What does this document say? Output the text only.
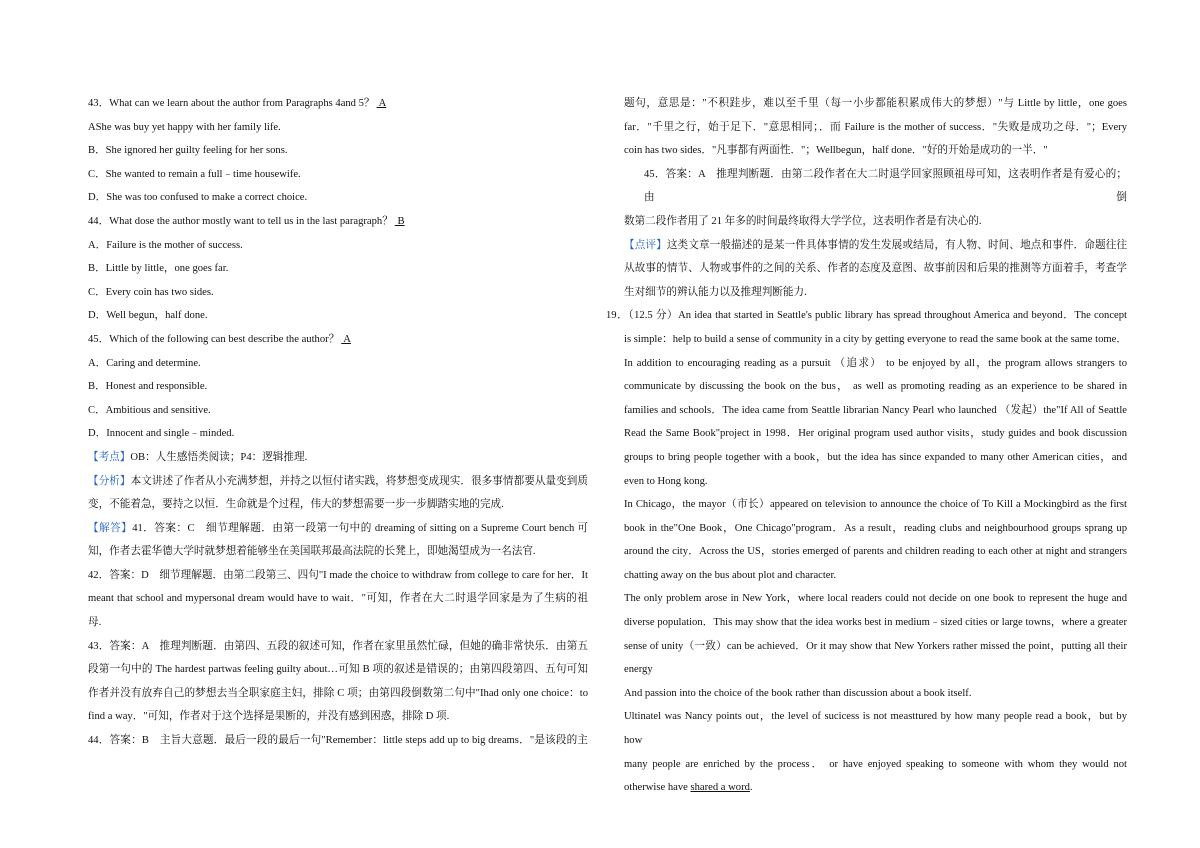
43．What can we learn about the author from Paragraphs 4and 5？ A

AShe was buy yet happy with her family life.

B．She ignored her guilty feeling for her sons.

C．She wanted to remain a full﹣time housewife.

D．She was too confused to make a correct choice.

44．What dose the author mostly want to tell us in the last paragraph？ B

A．Failure is the mother of success.

B．Little by little，one goes far.

C．Every coin has two sides.

D．Well begun，half done.

45．Which of the following can best describe the author？ A

A．Caring and determine.

B．Honest and responsible.

C．Ambitious and sensitive.

D．Innocent and single﹣minded.

【考点】OB：人生感悟类阅读；P4：逻辑推理.

【分析】本文讲述了作者从小充满梦想，并持之以恒付诸实践，将梦想变成现实．很多事情都要从量变到质

变，不能着急，要持之以恒．生命就是个过程，伟大的梦想需要一步一步脚踏实地的完成.

【解答】41．答案：C　细节理解题．由第一段第一句中的 dreaming of sitting on a Supreme Court bench 可

知，作者去霍华德大学时就梦想着能够坐在美国联邦最高法院的长凳上，即她渴望成为一名法官.

42．答案：D　细节理解题．由第二段第三、四句"I made the choice to withdraw from college to care for her．It

meant that school and mypersonal dream would have to wait．"可知，作者在大二时退学回家是为了生病的祖

母.

43．答案：A　推理判断题．由第四、五段的叙述可知，作者在家里虽然忙碌，但她的确非常快乐．由第五

段第一句中的 The hardest partwas feeling guilty about…可知 B 项的叙述是错误的；由第四段第四、五句可知

作者并没有放弃自己的梦想去当全职家庭主妇，排除 C 项；由第四段倒数第二句中"Ihad only one choice：to

find a way．"可知，作者对于这个选择是果断的，并没有感到困惑，排除 D 项.

44．答案：B　主旨大意题．最后一段的最后一句"Remember：little steps add up to big dreams．"是该段的主

题句，意思是："不积跬步，难以至千里（每一小步都能积累成伟大的梦想）"与 Little by little，one goes

far．"千里之行，始于足下．"意思相同；．而 Failure is the mother of success．"失败是成功之母．"；Every

coin has two sides．"凡事都有两面性．"；Wellbegun，half done．"好的开始是成功的一半．"

45．答案：A　推理判断题．由第二段作者在大二时退学回家照顾祖母可知，这表明作者是有爱心的；由倒

数第二段作者用了 21 年多的时间最终取得大学学位，这表明作者是有决心的.

【点评】这类文章一般描述的是某一件具体事情的发生发展或结局，有人物、时间、地点和事件．命题往往

从故事的情节、人物或事件的之间的关系、作者的态度及意图、故事前因和后果的推测等方面着手，考查学

生对细节的辨认能力以及推理判断能力.

19．（12.5 分）An idea that started in Seattle's public library has spread throughout America and beyond．The concept

is simple：help to build a sense of community in a city by getting everyone to read the same book at the same tome．

In addition to encouraging reading as a pursuit （追求） to be enjoyed by all，the program allows strangers to

communicate by discussing the book on the bus， as well as promoting reading as an experience to be shared in

families and schools．The idea came from Seattle librarian Nancy Pearl who launched （发起）the"If All of Seattle

Read the Same Book"project in 1998．Her original program used author visits，study guides and book discussion

groups to bring people together with a book，but the idea has since expanded to many other American cities，and

even to Hong kong.

In Chicago，the mayor（市长）appeared on television to announce the choice of To Kill a Mockingbird as the first

book in the"One Book，One Chicago"program．As a result，reading clubs and neighbourhood groups sprang up

around the city．Across the US，stories emerged of parents and children reading to each other at night and strangers

chatting away on the bus about plot and character.

The only problem arose in New York，where local readers could not decide on one book to represent the huge and

diverse population．This may show that the idea works best in medium﹣sized cities or large towns，where a greater

sense of unity（一致）can be achieved．Or it may show that New Yorkers rather missed the point，putting all their

energy

And passion into the choice of the book rather than discussion about a book itself.

Ultinatel was Nancy points out，the level of sucicess is not measttured by how many people read a book，but by how

many people are enriched by the process． or have enjoyed speaking to someone with whom they would not

otherwise have shared a word.
